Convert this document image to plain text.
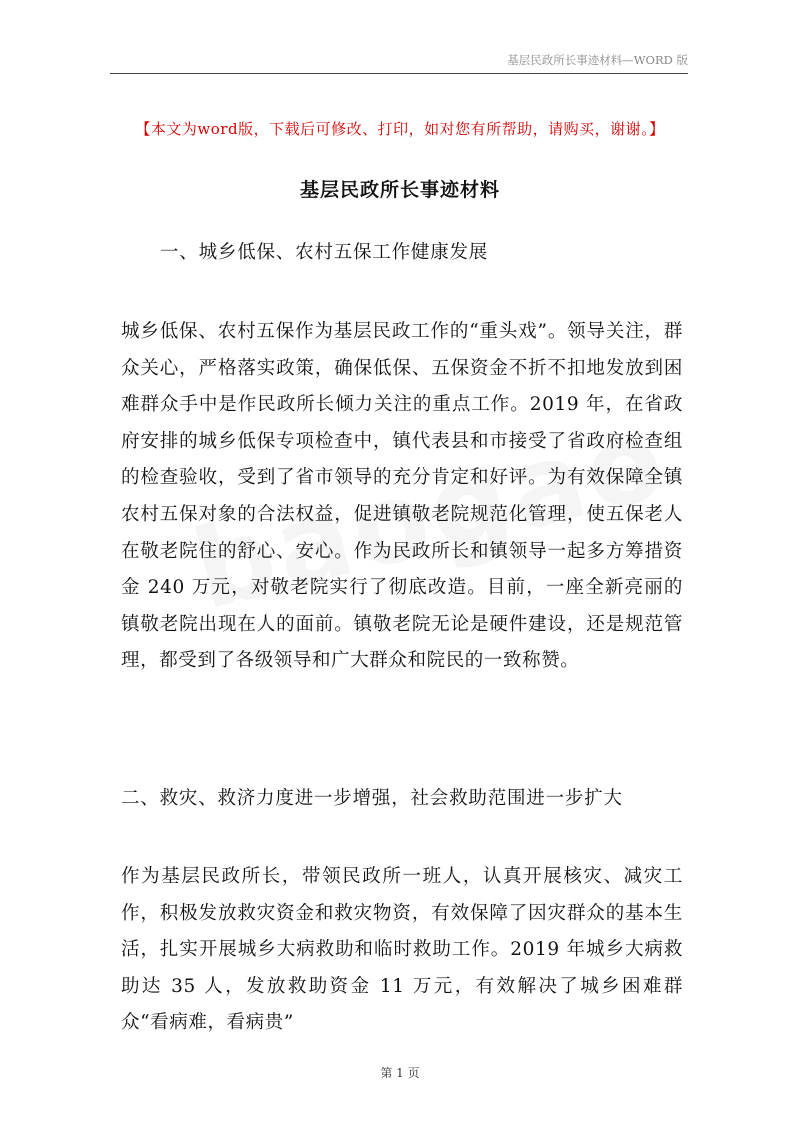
基层民政所长事迹材料—WORD 版
【本文为word版，下载后可修改、打印，如对您有所帮助，请购买，谢谢。】
基层民政所长事迹材料
一、城乡低保、农村五保工作健康发展

城乡低保、农村五保作为基层民政工作的“重头戏”。领导关注，群众关心，严格落实政策，确保低保、五保资金不折不扣地发放到困难群众手中是作民政所长倾力关注的重点工作。2019 年，在省政府安排的城乡低保专项检查中，镇代表县和市接受了省政府检查组的检查验收，受到了省市领导的充分肯定和好评。为有效保障全镇农村五保对象的合法权益，促进镇敬老院规范化管理，使五保老人在敬老院住的舒心、安心。作为民政所长和镇领导一起多方筹措资金 240 万元，对敬老院实行了彻底改造。目前，一座全新亮丽的镇敬老院出现在人的面前。镇敬老院无论是硬件建设，还是规范管理，都受到了各级领导和广大群众和院民的一致称赞。

二、救灾、救济力度进一步增强，社会救助范围进一步扩大

作为基层民政所长，带领民政所一班人，认真开展核灾、减灾工作，积极发放救灾资金和救灾物资，有效保障了因灾群众的基本生活，扎实开展城乡大病救助和临时救助工作。2019 年城乡大病救助达 35 人，发放救助资金 11 万元，有效解决了城乡困难群众“看病难，看病贵”

第 1 页
